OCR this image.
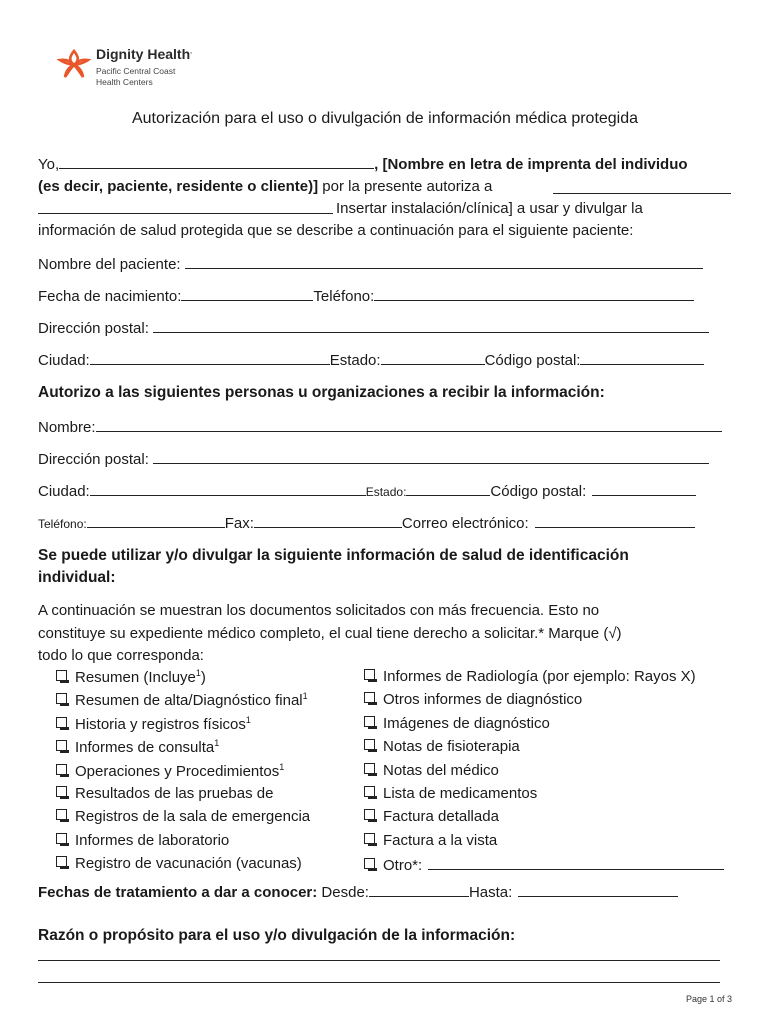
Dignity Health.
Pacific Central Coast
Health Centers
Autorización para el uso o divulgación de información médica protegida
Yo,	, [Nombre en letra de imprenta del individuo
(es decir, paciente, residente o cliente)] por la presente autoriza a
Insertar instalación/clínica] a usar y divulgar la
información de salud protegida que se describe a continuación para el siguiente paciente:
Nombre del paciente:
Fecha de nacimiento:	Teléfono:
Dirección postal:
Ciudad:	Estado:	Código postal:
Autorizo a las siguientes personas u organizaciones a recibir la información:
Nombre:
Dirección postal:
Ciudad:	Estado:	Código postal:
Teléfono:	Fax:	Correo electrónico:
Se puede utilizar y/o divulgar la siguiente información de salud de identificación
individual:
A continuación se muestran los documentos solicitados con más frecuencia. Esto no
constituye su expediente médico completo, el cual tiene derecho a solicitar.* Marque (√)
todo lo que corresponda:
Resumen (Incluye$^1$)
Resumen de alta/Diagnóstico final$^1$
Historia y registros físicos$^1$
Informes de consulta$^1$
Operaciones y Procedimientos$^1$
Resultados de las pruebas de
Registros de la sala de emergencia
Informes de laboratorio
Registro de vacunación (vacunas)
Informes de Radiología (por ejemplo: Rayos X)
Otros informes de diagnóstico
Imágenes de diagnóstico
Notas de fisioterapia
Notas del médico
Lista de medicamentos
Factura detallada
Factura a la vista
Otro*:
Fechas de tratamiento a dar a conocer: Desde:	Hasta:
Razón o propósito para el uso y/o divulgación de la información:
Page 1 of 3
